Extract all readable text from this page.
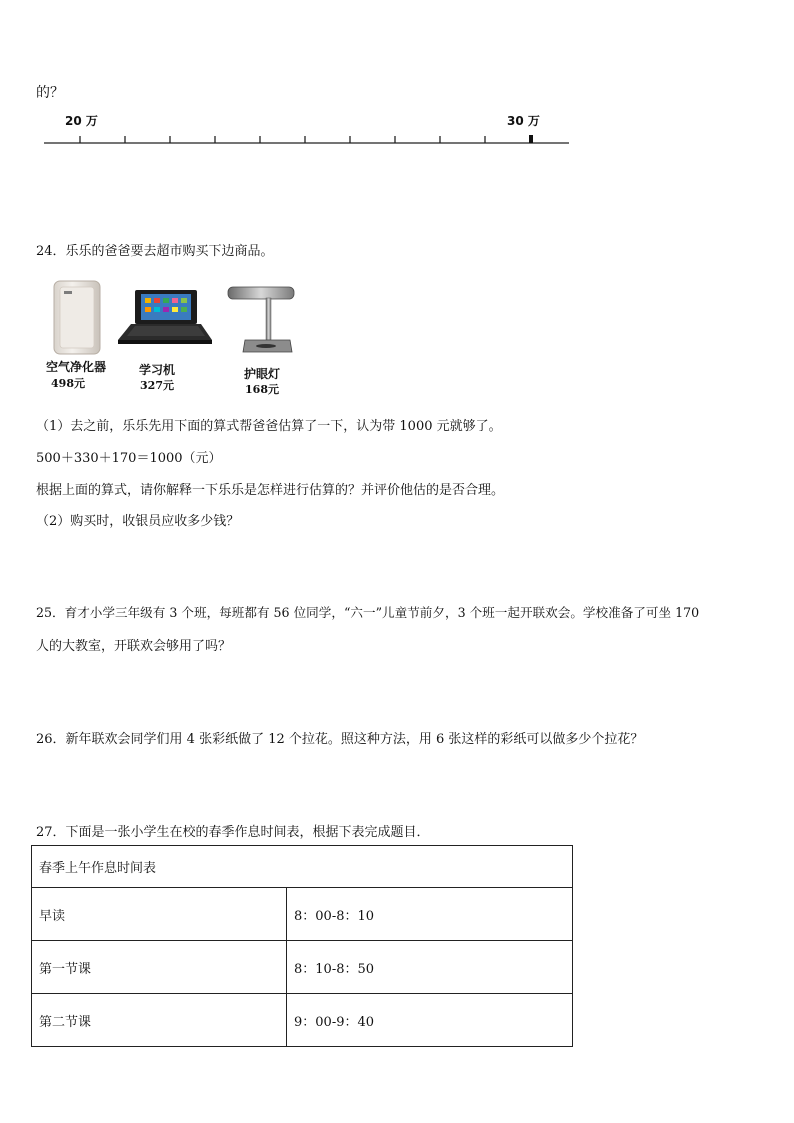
的？
20 万	30 万
24．乐乐的爸爸要去超市购买下边商品。
空气净化器
498元
学习机
327元
护眼灯
168元
（1）去之前，乐乐先用下面的算式帮爸爸估算了一下，认为带 1000 元就够了。
500＋330＋170＝1000（元）
根据上面的算式，请你解释一下乐乐是怎样进行估算的？并评价他估的是否合理。
（2）购买时，收银员应收多少钱？
25．育才小学三年级有 3 个班，每班都有 56 位同学，“六一”儿童节前夕，3 个班一起开联欢会。学校准备了可坐 170
人的大教室，开联欢会够用了吗？
26．新年联欢会同学们用 4 张彩纸做了 12 个拉花。照这种方法，用 6 张这样的彩纸可以做多少个拉花？
27．下面是一张小学生在校的春季作息时间表，根据下表完成题目．
春季上午作息时间表	
早读	8：00-8：10
第一节课	8：10-8：50
第二节课	9：00-9：40
